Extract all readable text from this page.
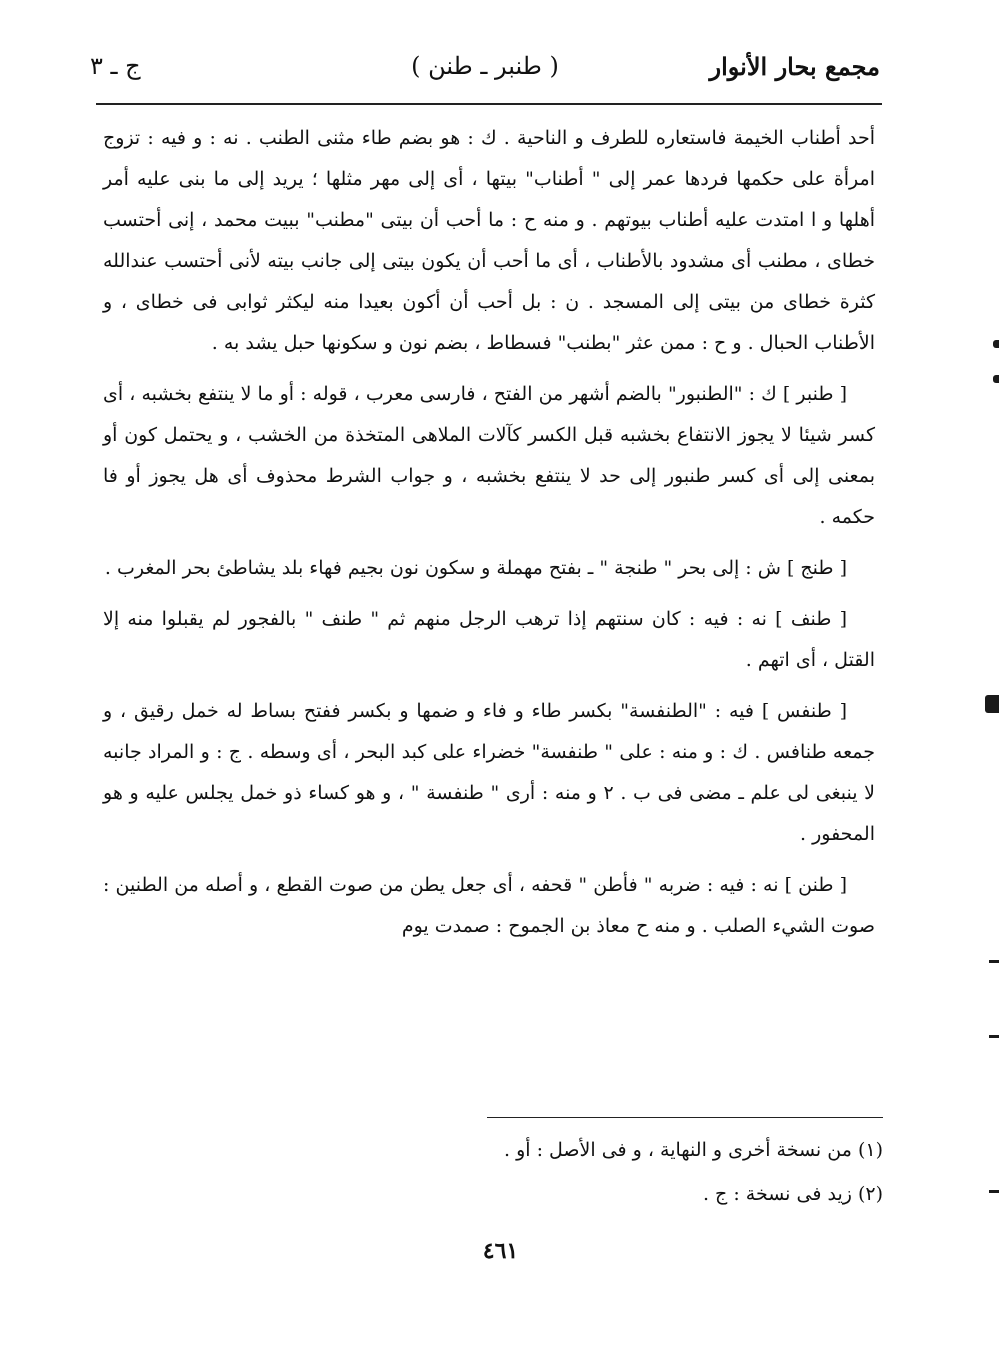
مجمع بحار الأنوار
( طنبر ـ طنن )
ج ـ ٣

أحد أطناب الخيمة فاستعاره للطرف و الناحية . ك : هو بضم طاء مثنى الطنب . نه : و فيه : تزوج امرأة على حكمها فردها عمر إلى " أطناب" بيتها ، أى إلى مهر مثلها ؛ يريد إلى ما بنى عليه أمر أهلها و ا امتدت عليه أطناب بيوتهم . و منه ح : ما أحب أن بيتى "مطنب" ببيت محمد ، إنى أحتسب خطاى ، مطنب أى مشدود بالأطناب ، أى ما أحب أن يكون بيتى إلى جانب بيته لأنى أحتسب عندالله كثرة خطاى من بيتى إلى المسجد . ن : بل أحب أن أكون بعيدا منه ليكثر ثوابى فى خطاى ، و الأطناب الحبال . و ح : ممن عثر "بطنب" فسطاط ، بضم نون و سكونها حبل يشد به .

[ طنبر ] ك : "الطنبور" بالضم أشهر من الفتح ، فارسى معرب ، قوله : أو ما لا ينتفع بخشبه ، أى كسر شيئا لا يجوز الانتفاع بخشبه قبل الكسر كآلات الملاهى المتخذة من الخشب ، و يحتمل كون أو بمعنى إلى أى كسر طنبور إلى حد لا ينتفع بخشبه ، و جواب الشرط محذوف أى هل يجوز أو فا حكمه .

[ طنج ] ش : إلى بحر " طنجة " ـ بفتح مهملة و سكون نون بجيم فهاء بلد يشاطئ بحر المغرب .

[ طنف ] نه : فيه : كان سنتهم إذا ترهب الرجل منهم ثم " طنف " بالفجور لم يقبلوا منه إلا القتل ، أى اتهم .

[ طنفس ] فيه : "الطنفسة" بكسر طاء و فاء و ضمها و بكسر ففتح بساط له خمل رقيق ، و جمعه طنافس . ك : و منه : على " طنفسة" خضراء على كبد البحر ، أى وسطه . ج : و المراد جانبه لا ينبغى لى علم ـ مضى فى ب . ٢ و منه : أرى " طنفسة " ، و هو كساء ذو خمل يجلس عليه و هو المحفور .

[ طنن ] نه : فيه : ضربه " فأطن " قحفه ، أى جعل يطن من صوت القطع ، و أصله من الطنين : صوت الشيء الصلب . و منه ح معاذ بن الجموح : صمدت يوم

(١) من نسخة أخرى و النهاية ، و فى الأصل : أو .
(٢) زيد فى نسخة : ج .
٤٦١
